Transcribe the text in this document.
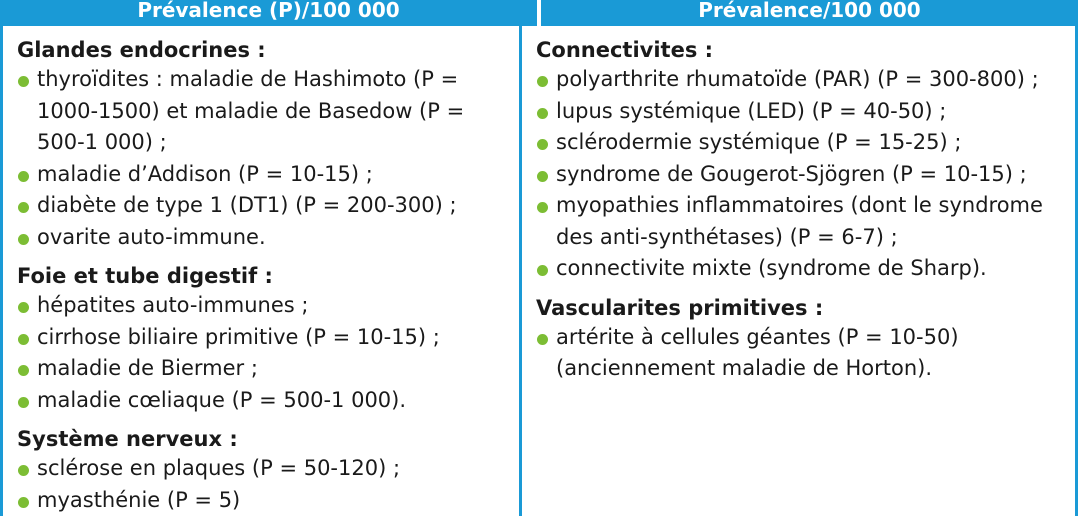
Prévalence (P)/100 000	Prévalence/100 000
Glandes endocrines :
thyroïdites : maladie de Hashimoto (P = 1000-1500) et maladie de Basedow (P = 500-1 000) ;
maladie d’Addison (P = 10-15) ;
diabète de type 1 (DT1) (P = 200-300) ;
ovarite auto-immune.
Foie et tube digestif :
hépatites auto-immunes ;
cirrhose biliaire primitive (P = 10-15) ;
maladie de Biermer ;
maladie cœliaque (P = 500-1 000).
Système nerveux :
sclérose en plaques (P = 50-120) ;
myasthénie (P = 5)
Connectivites :
polyarthrite rhumatoïde (PAR) (P = 300-800) ;
lupus systémique (LED) (P = 40-50) ;
sclérodermie systémique (P = 15-25) ;
syndrome de Gougerot-Sjögren (P = 10-15) ;
myopathies inflammatoires (dont le syndrome des anti-synthétases) (P = 6-7) ;
connectivite mixte (syndrome de Sharp).
Vascularites primitives :
artérite à cellules géantes (P = 10-50) (anciennement maladie de Horton).
